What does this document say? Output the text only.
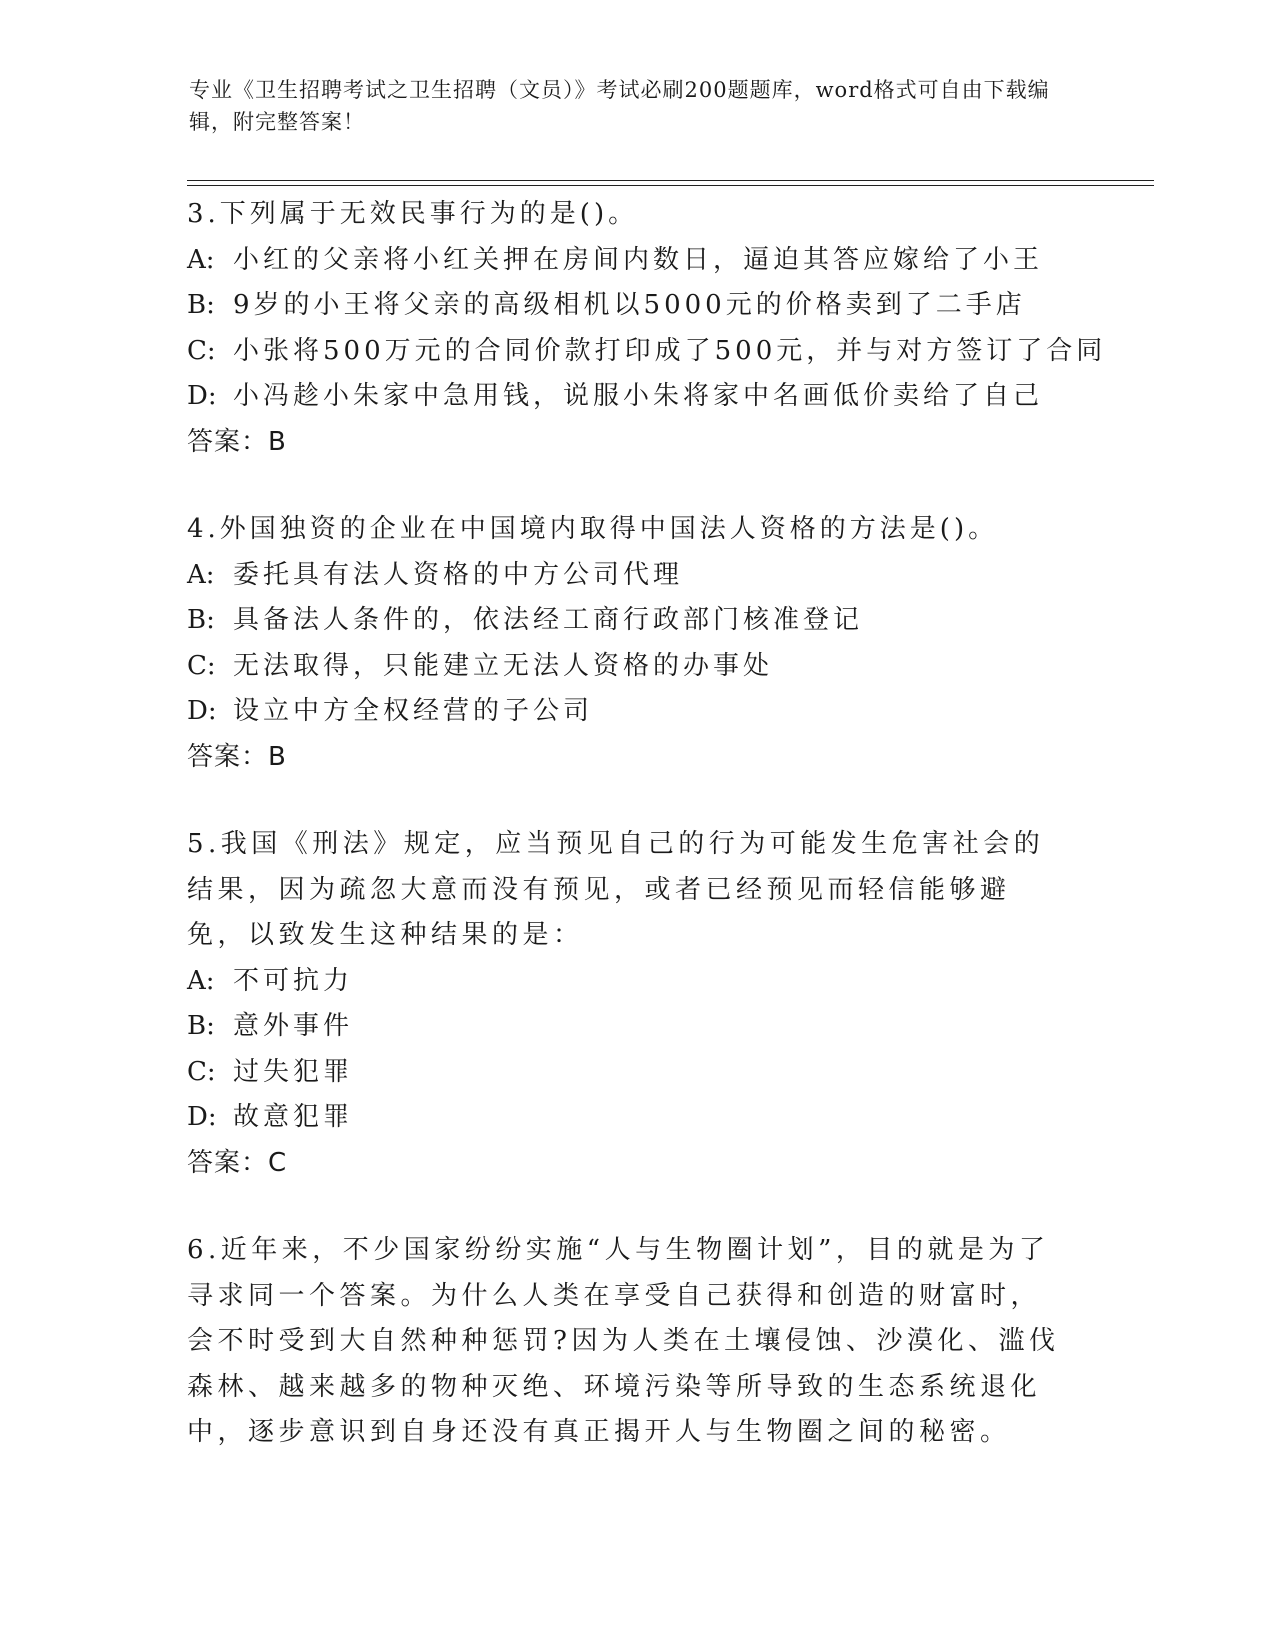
专业《卫生招聘考试之卫生招聘（文员）》考试必刷200题题库，word格式可自由下载编辑，附完整答案！
3.下列属于无效民事行为的是()。
A: 小红的父亲将小红关押在房间内数日，逼迫其答应嫁给了小王
B: 9岁的小王将父亲的高级相机以5000元的价格卖到了二手店
C: 小张将500万元的合同价款打印成了500元，并与对方签订了合同
D: 小冯趁小朱家中急用钱，说服小朱将家中名画低价卖给了自己
答案：B
4.外国独资的企业在中国境内取得中国法人资格的方法是()。
A: 委托具有法人资格的中方公司代理
B: 具备法人条件的，依法经工商行政部门核准登记
C: 无法取得，只能建立无法人资格的办事处
D: 设立中方全权经营的子公司
答案：B
5.我国《刑法》规定，应当预见自己的行为可能发生危害社会的结果，因为疏忽大意而没有预见，或者已经预见而轻信能够避免，以致发生这种结果的是：
A: 不可抗力
B: 意外事件
C: 过失犯罪
D: 故意犯罪
答案：C
6.近年来，不少国家纷纷实施“人与生物圈计划”，目的就是为了寻求同一个答案。为什么人类在享受自己获得和创造的财富时，会不时受到大自然种种惩罚?因为人类在土壤侵蚀、沙漠化、滥伐森林、越来越多的物种灭绝、环境污染等所导致的生态系统退化中，逐步意识到自身还没有真正揭开人与生物圈之间的秘密。
